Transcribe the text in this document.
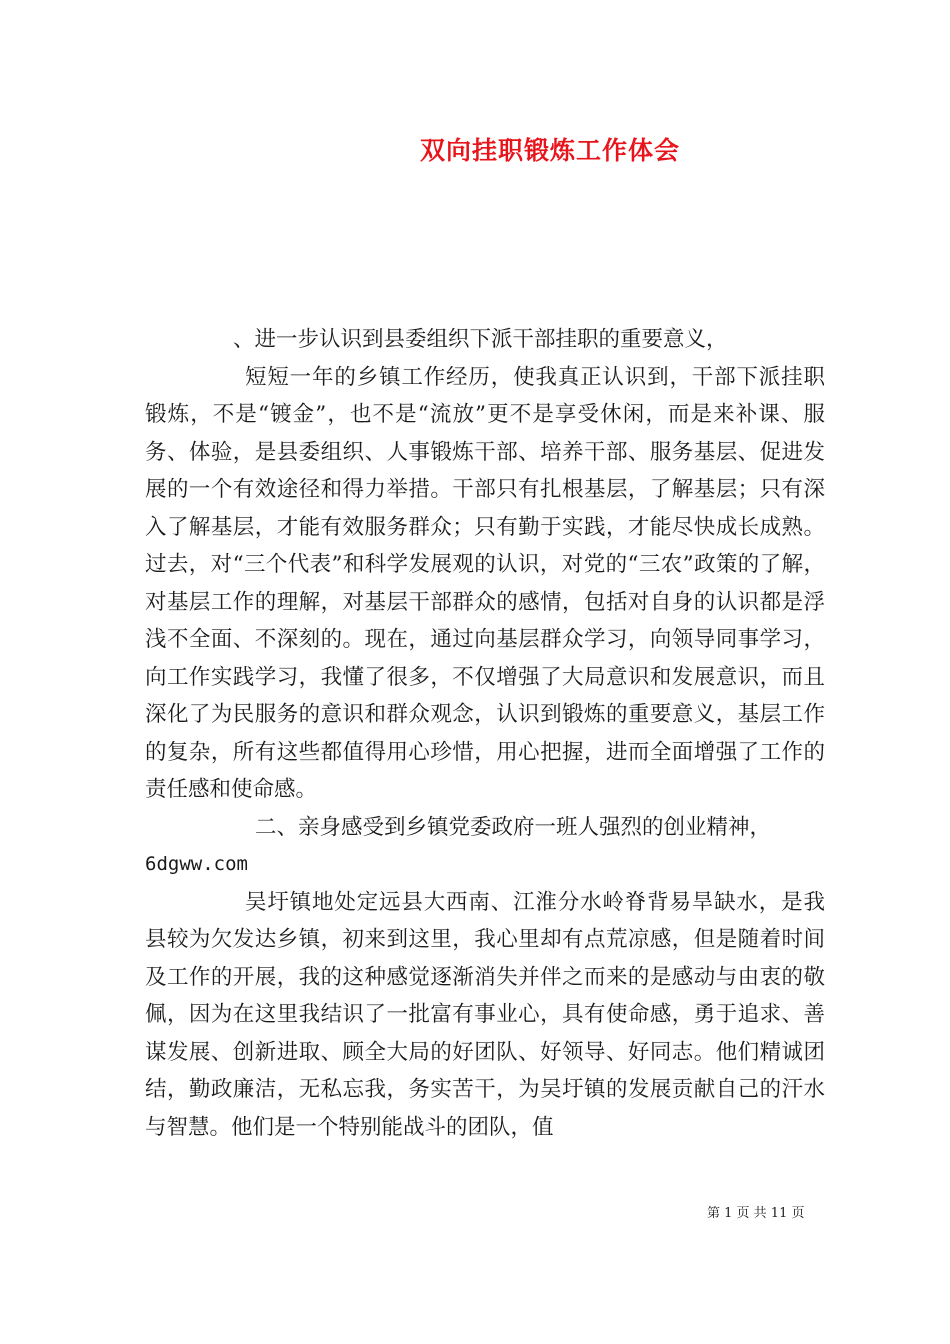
双向挂职锻炼工作体会

、进一步认识到县委组织下派干部挂职的重要意义，

短短一年的乡镇工作经历，使我真正认识到，干部下派挂职锻炼，不是“镀金”，也不是“流放”更不是享受休闲，而是来补课、服务、体验，是县委组织、人事锻炼干部、培养干部、服务基层、促进发展的一个有效途径和得力举措。干部只有扎根基层，了解基层；只有深入了解基层，才能有效服务群众；只有勤于实践，才能尽快成长成熟。过去，对“三个代表”和科学发展观的认识，对党的“三农”政策的了解，对基层工作的理解，对基层干部群众的感情，包括对自身的认识都是浮浅不全面、不深刻的。现在，通过向基层群众学习，向领导同事学习，向工作实践学习，我懂了很多，不仅增强了大局意识和发展意识，而且深化了为民服务的意识和群众观念，认识到锻炼的重要意义，基层工作的复杂，所有这些都值得用心珍惜，用心把握，进而全面增强了工作的责任感和使命感。

二、亲身感受到乡镇党委政府一班人强烈的创业精神，
6dgww.com

吴圩镇地处定远县大西南、江淮分水岭脊背易旱缺水，是我县较为欠发达乡镇，初来到这里，我心里却有点荒凉感，但是随着时间及工作的开展，我的这种感觉逐渐消失并伴之而来的是感动与由衷的敬佩，因为在这里我结识了一批富有事业心，具有使命感，勇于追求、善谋发展、创新进取、顾全大局的好团队、好领导、好同志。他们精诚团结，勤政廉洁，无私忘我，务实苦干，为吴圩镇的发展贡献自己的汗水与智慧。他们是一个特别能战斗的团队，值

第 1 页 共 11 页
